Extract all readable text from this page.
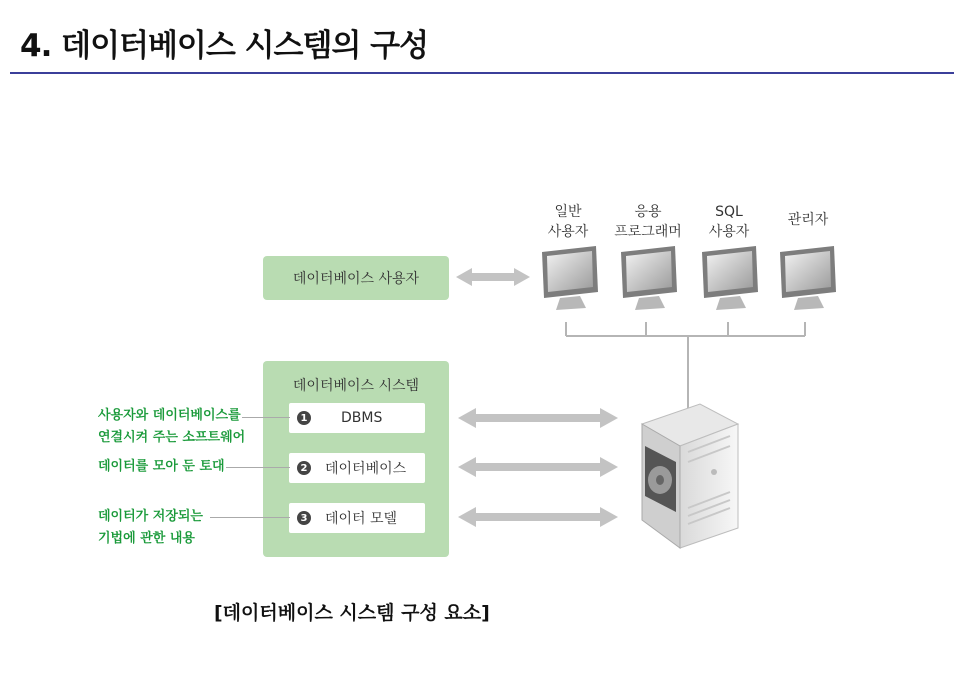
4. 데이터베이스 시스템의 구성
일반
사용자
응용
프로그래머
SQL
사용자
관리자
데이터베이스 사용자
데이터베이스 시스템
1 DBMS
2 데이터베이스
3 데이터 모델
사용자와 데이터베이스를
연결시켜 주는 소프트웨어
데이터를 모아 둔 토대
데이터가 저장되는
기법에 관한 내용
[데이터베이스 시스템 구성 요소]
